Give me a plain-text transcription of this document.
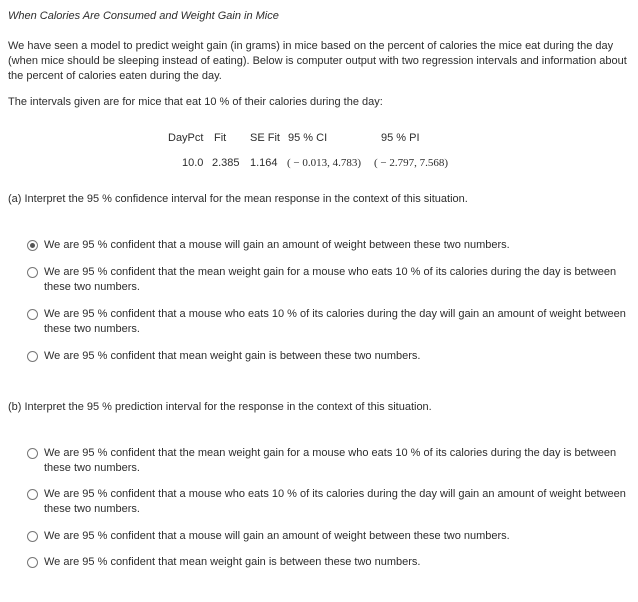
When Calories Are Consumed and Weight Gain in Mice
We have seen a model to predict weight gain (in grams) in mice based on the percent of calories the mice eat during the day (when mice should be sleeping instead of eating). Below is computer output with two regression intervals and information about the percent of calories eaten during the day.
The intervals given are for mice that eat 10 % of their calories during the day:
DayPct Fit SE Fit 95 % CI	95 % PI
10.0 2.385 1.164 ( − 0.013, 4.783) ( − 2.797, 7.568)
(a) Interpret the 95 % confidence interval for the mean response in the context of this situation.
We are 95 % confident that a mouse will gain an amount of weight between these two numbers.
We are 95 % confident that the mean weight gain for a mouse who eats 10 % of its calories during the day is between these two numbers.
We are 95 % confident that a mouse who eats 10 % of its calories during the day will gain an amount of weight between these two numbers.
We are 95 % confident that mean weight gain is between these two numbers.
(b) Interpret the 95 % prediction interval for the response in the context of this situation.
We are 95 % confident that the mean weight gain for a mouse who eats 10 % of its calories during the day is between these two numbers.
We are 95 % confident that a mouse who eats 10 % of its calories during the day will gain an amount of weight between these two numbers.
We are 95 % confident that a mouse will gain an amount of weight between these two numbers.
We are 95 % confident that mean weight gain is between these two numbers.
